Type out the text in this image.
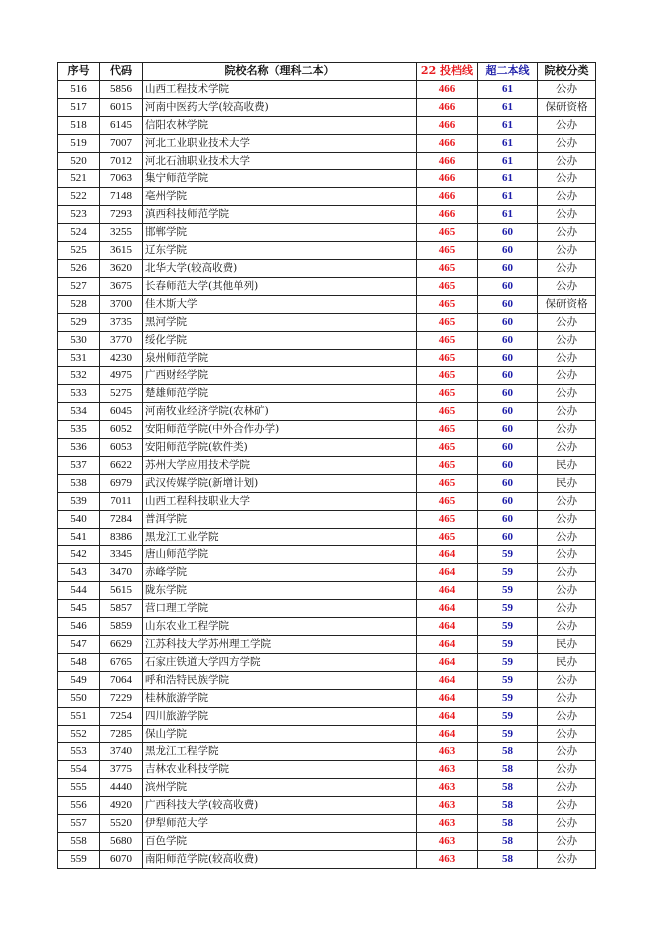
序号	代码	院校名称（理科二本）	22 投档线	超二本线	院校分类
516	5856	山西工程技术学院	466	61	公办
517	6015	河南中医药大学(较高收费)	466	61	保研资格
518	6145	信阳农林学院	466	61	公办
519	7007	河北工业职业技术大学	466	61	公办
520	7012	河北石油职业技术大学	466	61	公办
521	7063	集宁师范学院	466	61	公办
522	7148	亳州学院	466	61	公办
523	7293	滇西科技师范学院	466	61	公办
524	3255	邯郸学院	465	60	公办
525	3615	辽东学院	465	60	公办
526	3620	北华大学(较高收费)	465	60	公办
527	3675	长春师范大学(其他单列)	465	60	公办
528	3700	佳木斯大学	465	60	保研资格
529	3735	黑河学院	465	60	公办
530	3770	绥化学院	465	60	公办
531	4230	泉州师范学院	465	60	公办
532	4975	广西财经学院	465	60	公办
533	5275	楚雄师范学院	465	60	公办
534	6045	河南牧业经济学院(农林矿)	465	60	公办
535	6052	安阳师范学院(中外合作办学)	465	60	公办
536	6053	安阳师范学院(软件类)	465	60	公办
537	6622	苏州大学应用技术学院	465	60	民办
538	6979	武汉传媒学院(新增计划)	465	60	民办
539	7011	山西工程科技职业大学	465	60	公办
540	7284	普洱学院	465	60	公办
541	8386	黑龙江工业学院	465	60	公办
542	3345	唐山师范学院	464	59	公办
543	3470	赤峰学院	464	59	公办
544	5615	陇东学院	464	59	公办
545	5857	营口理工学院	464	59	公办
546	5859	山东农业工程学院	464	59	公办
547	6629	江苏科技大学苏州理工学院	464	59	民办
548	6765	石家庄铁道大学四方学院	464	59	民办
549	7064	呼和浩特民族学院	464	59	公办
550	7229	桂林旅游学院	464	59	公办
551	7254	四川旅游学院	464	59	公办
552	7285	保山学院	464	59	公办
553	3740	黑龙江工程学院	463	58	公办
554	3775	吉林农业科技学院	463	58	公办
555	4440	滨州学院	463	58	公办
556	4920	广西科技大学(较高收费)	463	58	公办
557	5520	伊犁师范大学	463	58	公办
558	5680	百色学院	463	58	公办
559	6070	南阳师范学院(较高收费)	463	58	公办
